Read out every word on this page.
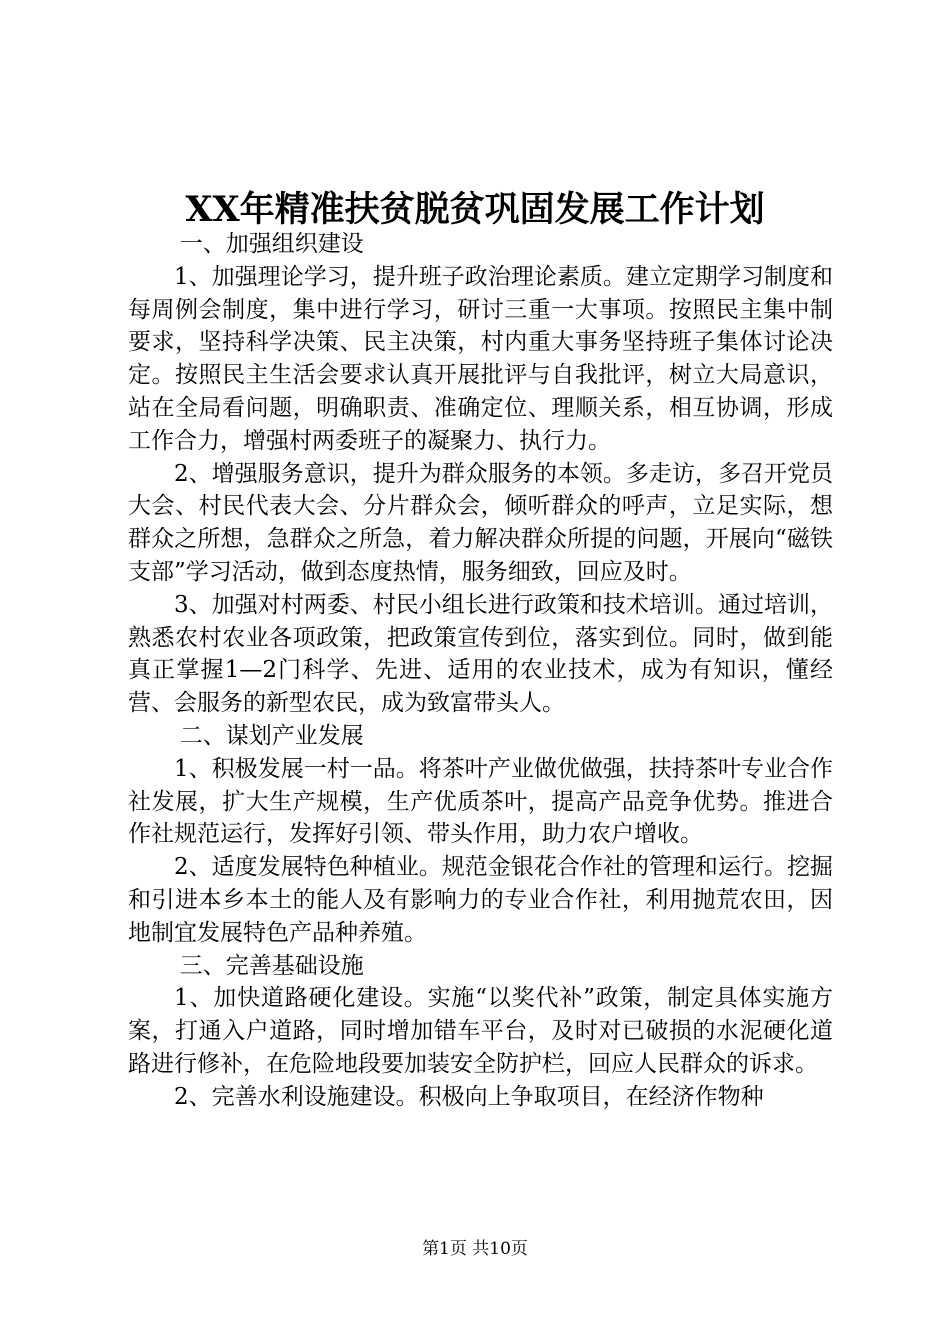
XX年精准扶贫脱贫巩固发展工作计划

一、加强组织建设

1、加强理论学习，提升班子政治理论素质。建立定期学习制度和每周例会制度，集中进行学习，研讨三重一大事项。按照民主集中制要求，坚持科学决策、民主决策，村内重大事务坚持班子集体讨论决定。按照民主生活会要求认真开展批评与自我批评，树立大局意识，站在全局看问题，明确职责、准确定位、理顺关系，相互协调，形成工作合力，增强村两委班子的凝聚力、执行力。

2、增强服务意识，提升为群众服务的本领。多走访，多召开党员大会、村民代表大会、分片群众会，倾听群众的呼声，立足实际，想群众之所想，急群众之所急，着力解决群众所提的问题，开展向“磁铁支部”学习活动，做到态度热情，服务细致，回应及时。

3、加强对村两委、村民小组长进行政策和技术培训。通过培训，熟悉农村农业各项政策，把政策宣传到位，落实到位。同时，做到能真正掌握1—2门科学、先进、适用的农业技术，成为有知识，懂经营、会服务的新型农民，成为致富带头人。

二、谋划产业发展

1、积极发展一村一品。将茶叶产业做优做强，扶持茶叶专业合作社发展，扩大生产规模，生产优质茶叶，提高产品竞争优势。推进合作社规范运行，发挥好引领、带头作用，助力农户增收。

2、适度发展特色种植业。规范金银花合作社的管理和运行。挖掘和引进本乡本土的能人及有影响力的专业合作社，利用抛荒农田，因地制宜发展特色产品种养殖。

三、完善基础设施

1、加快道路硬化建设。实施“以奖代补”政策，制定具体实施方案，打通入户道路，同时增加错车平台，及时对已破损的水泥硬化道路进行修补，在危险地段要加装安全防护栏，回应人民群众的诉求。

2、完善水利设施建设。积极向上争取项目，在经济作物种

第1页 共10页
